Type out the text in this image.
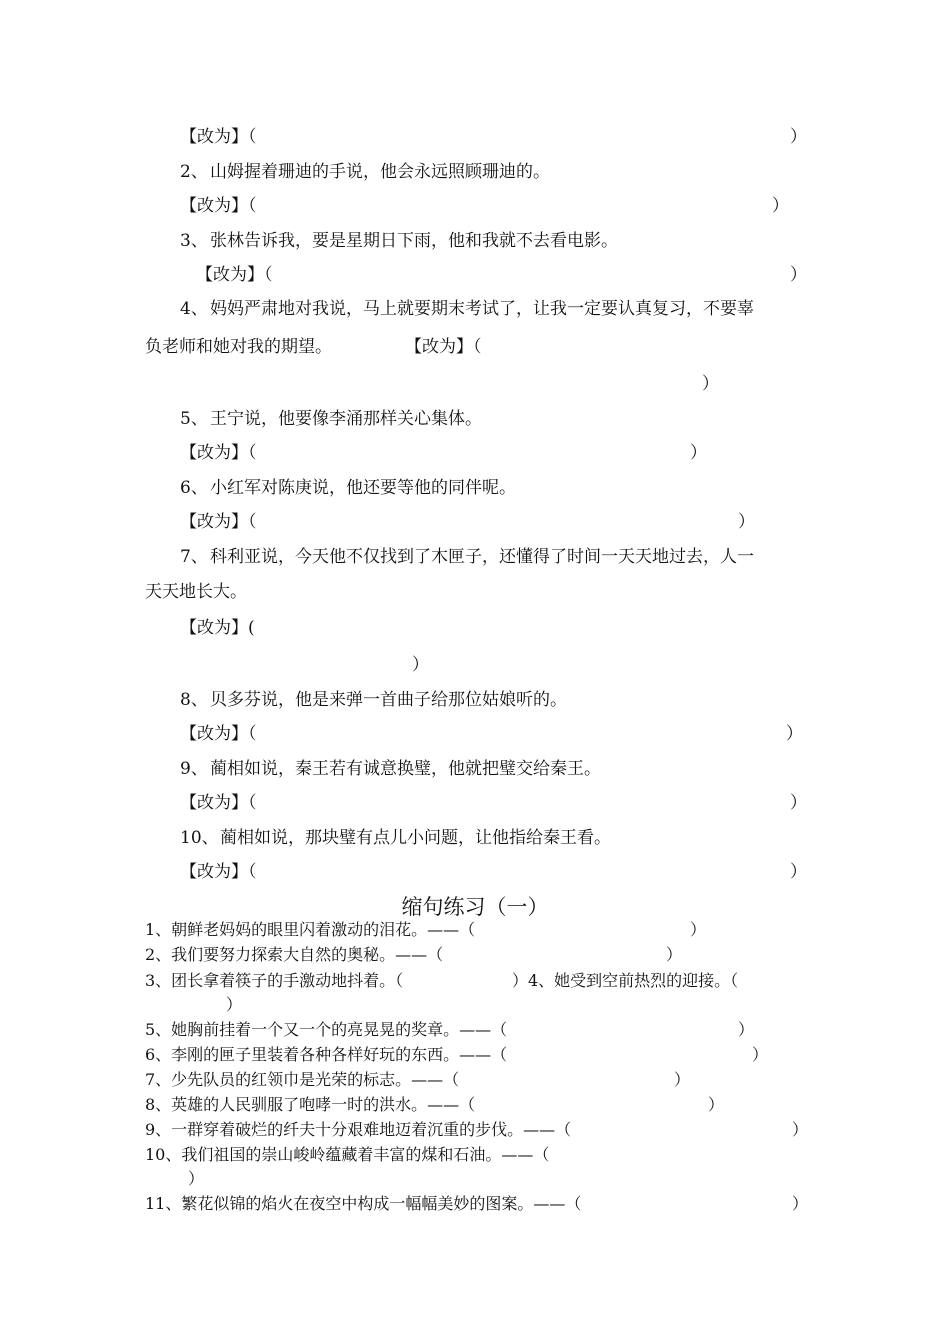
【改为】（	）
2、 山姆握着珊迪的手说，他会永远照顾珊迪的。
【改为】（	）
3、 张林告诉我，要是星期日下雨，他和我就不去看电影。
【改为】（	）
4、 妈妈严肃地对我说，马上就要期末考试了，让我一定要认真复习，不要辜
负老师和她对我的期望。	【改为】（
）
5、 王宁说，他要像李涌那样关心集体。
【改为】（	）
6、 小红军对陈庚说，他还要等他的同伴呢。
【改为】（	）
7、 科利亚说，今天他不仅找到了木匣子，还懂得了时间一天天地过去，人一
天天地长大。
【改为】(
）
8、 贝多芬说，他是来弹一首曲子给那位姑娘听的。
【改为】（	）
9、 蔺相如说，秦王若有诚意换璧，他就把璧交给秦王。
【改为】（	）
10、 蔺相如说，那块璧有点儿小问题，让他指给秦王看。
【改为】（	）
缩句练习（一）
1、朝鲜老妈妈的眼里闪着激动的泪花。——（	）
2、我们要努力探索大自然的奥秘。——（	）
3、团长拿着筷子的手激动地抖着。（	）4、她受到空前热烈的迎接。（
）
5、她胸前挂着一个又一个的亮晃晃的奖章。——（	）
6、李刚的匣子里装着各种各样好玩的东西。——（	）
7、少先队员的红领巾是光荣的标志。——（	）
8、英雄的人民驯服了咆哮一时的洪水。——（	）
9、一群穿着破烂的纤夫十分艰难地迈着沉重的步伐。——（	）
10、我们祖国的崇山峻岭蕴藏着丰富的煤和石油。——（
）
11、繁花似锦的焰火在夜空中构成一幅幅美妙的图案。——（	）
